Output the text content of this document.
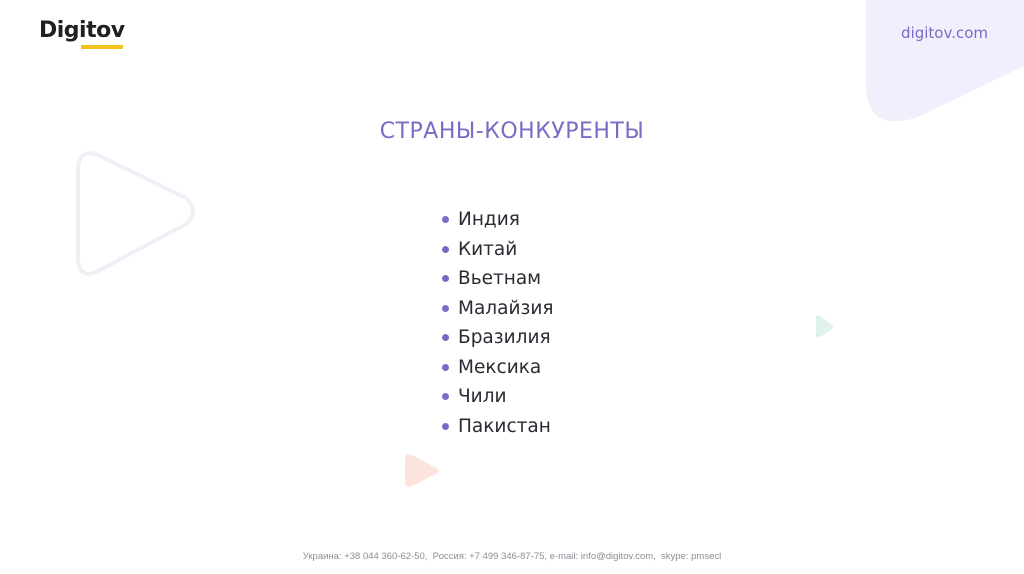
Digitov	digitov.com
СТРАНЫ-КОНКУРЕНТЫ
Индия
Китай
Вьетнам
Малайзия
Бразилия
Мексика
Чили
Пакистан
Украина: +38 044 360-62-50,  Россия: +7 499 346-87-75, e-mail: info@digitov.com,  skype: pmsecl
